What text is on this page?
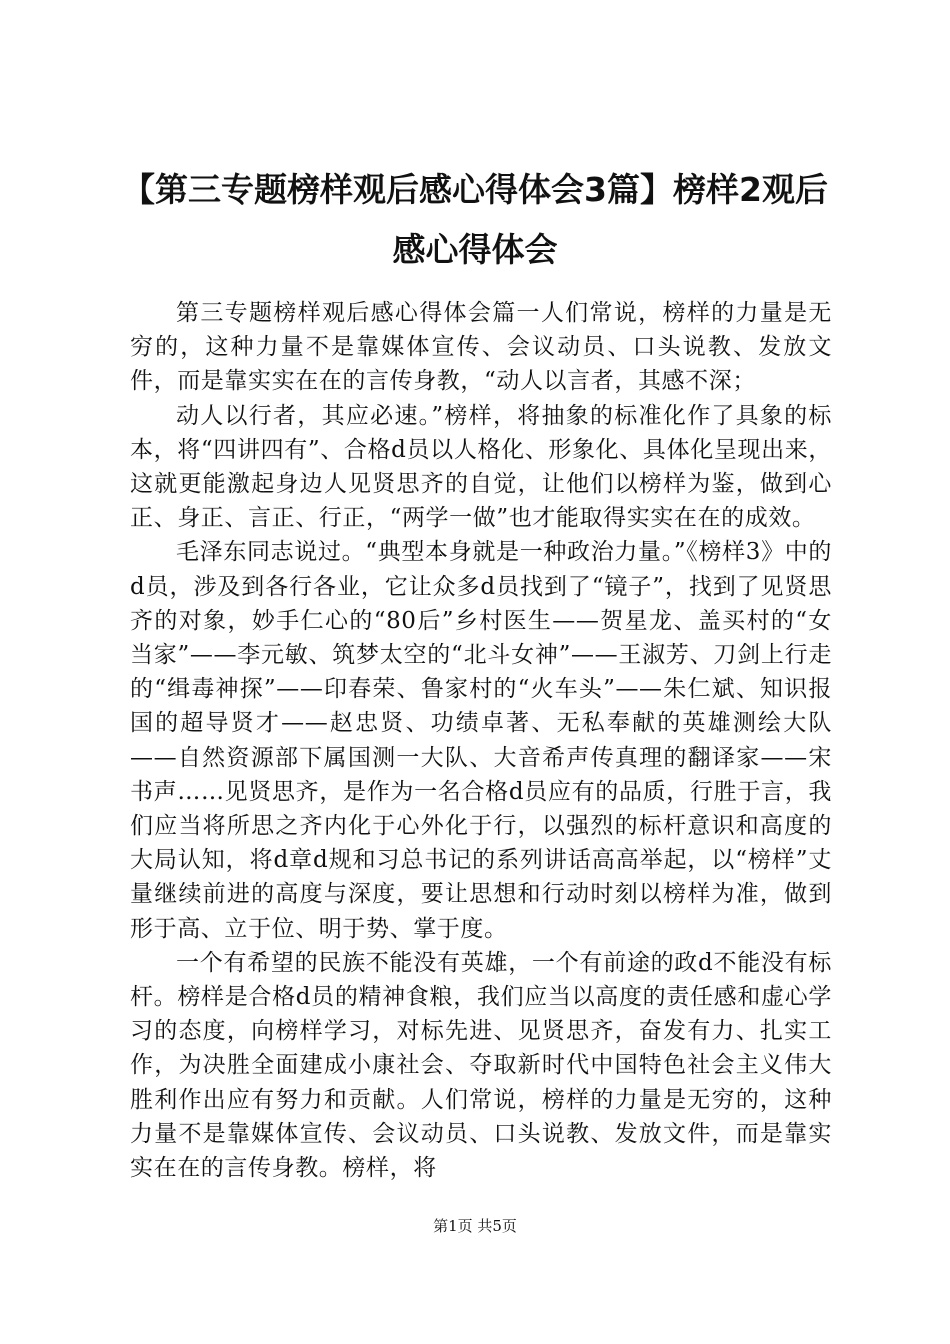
【第三专题榜样观后感心得体会3篇】榜样2观后感心得体会

第三专题榜样观后感心得体会篇一人们常说，榜样的力量是无穷的，这种力量不是靠媒体宣传、会议动员、口头说教、发放文件，而是靠实实在在的言传身教，“动人以言者，其感不深；

动人以行者，其应必速。”榜样，将抽象的标准化作了具象的标本，将“四讲四有”、合格d员以人格化、形象化、具体化呈现出来，这就更能激起身边人见贤思齐的自觉，让他们以榜样为鉴，做到心正、身正、言正、行正，“两学一做”也才能取得实实在在的成效。

毛泽东同志说过。“典型本身就是一种政治力量。”《榜样3》中的d员，涉及到各行各业，它让众多d员找到了“镜子”，找到了见贤思齐的对象，妙手仁心的“80后”乡村医生——贺星龙、盖买村的“女当家”——李元敏、筑梦太空的“北斗女神”——王淑芳、刀剑上行走的“缉毒神探”——印春荣、鲁家村的“火车头”——朱仁斌、知识报国的超导贤才——赵忠贤、功绩卓著、无私奉献的英雄测绘大队——自然资源部下属国测一大队、大音希声传真理的翻译家——宋书声……见贤思齐，是作为一名合格d员应有的品质，行胜于言，我们应当将所思之齐内化于心外化于行，以强烈的标杆意识和高度的大局认知，将d章d规和习总书记的系列讲话高高举起，以“榜样”丈量继续前进的高度与深度，要让思想和行动时刻以榜样为准，做到形于高、立于位、明于势、掌于度。

一个有希望的民族不能没有英雄，一个有前途的政d不能没有标杆。榜样是合格d员的精神食粮，我们应当以高度的责任感和虚心学习的态度，向榜样学习，对标先进、见贤思齐，奋发有力、扎实工作，为决胜全面建成小康社会、夺取新时代中国特色社会主义伟大胜利作出应有努力和贡献。人们常说，榜样的力量是无穷的，这种力量不是靠媒体宣传、会议动员、口头说教、发放文件，而是靠实实在在的言传身教。榜样，将

第1页 共5页
